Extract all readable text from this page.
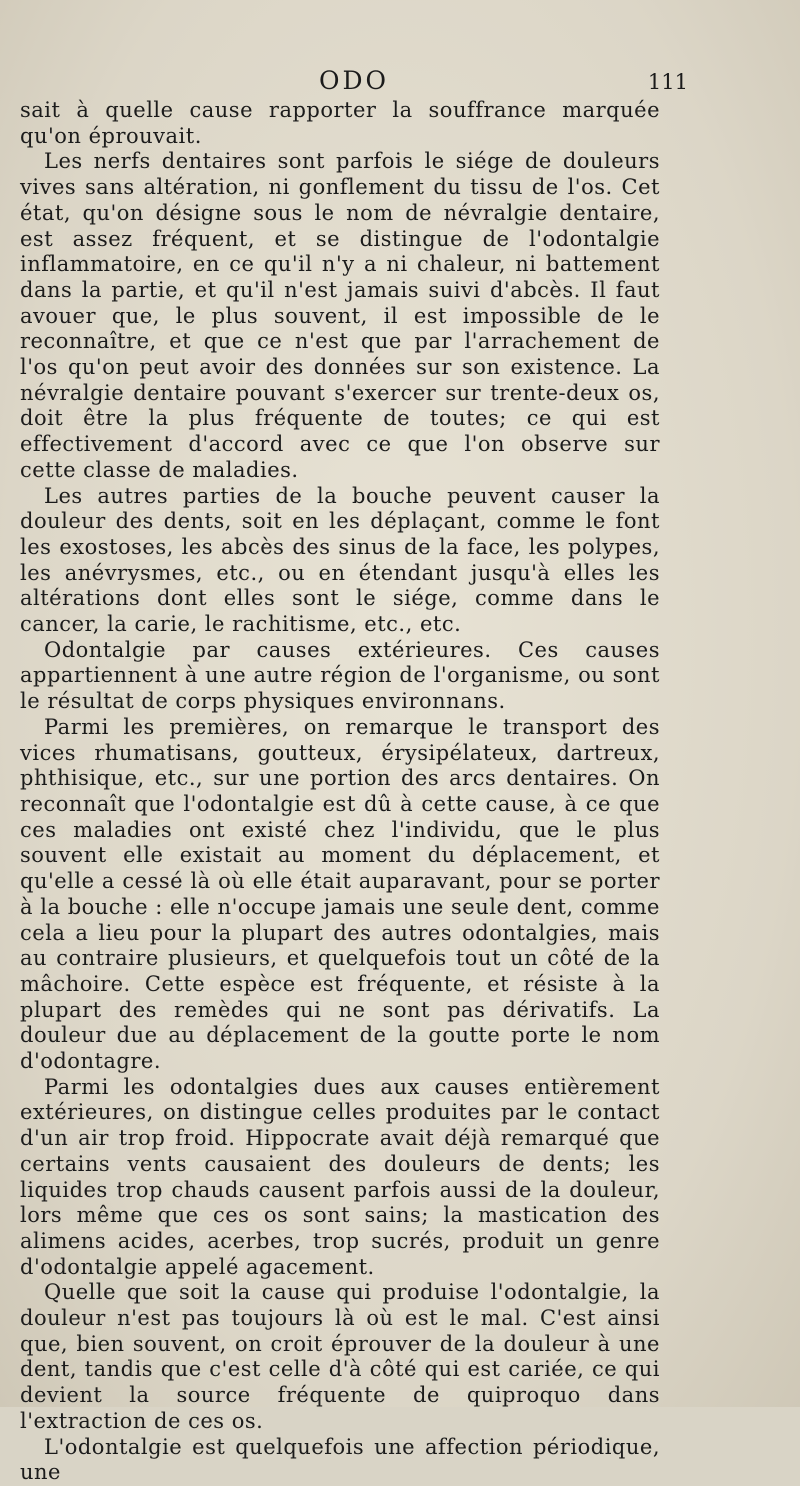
ODO	111

sait à quelle cause rapporter la souffrance marquée qu'on éprouvait.

Les nerfs dentaires sont parfois le siége de douleurs vives sans altération, ni gonflement du tissu de l'os. Cet état, qu'on désigne sous le nom de névralgie dentaire, est assez fréquent, et se distingue de l'odontalgie inflammatoire, en ce qu'il n'y a ni chaleur, ni battement dans la partie, et qu'il n'est jamais suivi d'abcès. Il faut avouer que, le plus souvent, il est impossible de le reconnaître, et que ce n'est que par l'arrachement de l'os qu'on peut avoir des données sur son existence. La névralgie dentaire pouvant s'exercer sur trente-deux os, doit être la plus fréquente de toutes; ce qui est effectivement d'accord avec ce que l'on observe sur cette classe de maladies.

Les autres parties de la bouche peuvent causer la douleur des dents, soit en les déplaçant, comme le font les exostoses, les abcès des sinus de la face, les polypes, les anévrysmes, etc., ou en étendant jusqu'à elles les altérations dont elles sont le siége, comme dans le cancer, la carie, le rachitisme, etc., etc.

Odontalgie par causes extérieures. Ces causes appartiennent à une autre région de l'organisme, ou sont le résultat de corps physiques environnans.

Parmi les premières, on remarque le transport des vices rhumatisans, goutteux, érysipélateux, dartreux, phthisique, etc., sur une portion des arcs dentaires. On reconnaît que l'odontalgie est dû à cette cause, à ce que ces maladies ont existé chez l'individu, que le plus souvent elle existait au moment du déplacement, et qu'elle a cessé là où elle était auparavant, pour se porter à la bouche : elle n'occupe jamais une seule dent, comme cela a lieu pour la plupart des autres odontalgies, mais au contraire plusieurs, et quelquefois tout un côté de la mâchoire. Cette espèce est fréquente, et résiste à la plupart des remèdes qui ne sont pas dérivatifs. La douleur due au déplacement de la goutte porte le nom d'odontagre.

Parmi les odontalgies dues aux causes entièrement extérieures, on distingue celles produites par le contact d'un air trop froid. Hippocrate avait déjà remarqué que certains vents causaient des douleurs de dents; les liquides trop chauds causent parfois aussi de la douleur, lors même que ces os sont sains; la mastication des alimens acides, acerbes, trop sucrés, produit un genre d'odontalgie appelé agacement.

Quelle que soit la cause qui produise l'odontalgie, la douleur n'est pas toujours là où est le mal. C'est ainsi que, bien souvent, on croit éprouver de la douleur à une dent, tandis que c'est celle d'à côté qui est cariée, ce qui devient la source fréquente de quiproquo dans l'extraction de ces os.

L'odontalgie est quelquefois une affection périodique, une
